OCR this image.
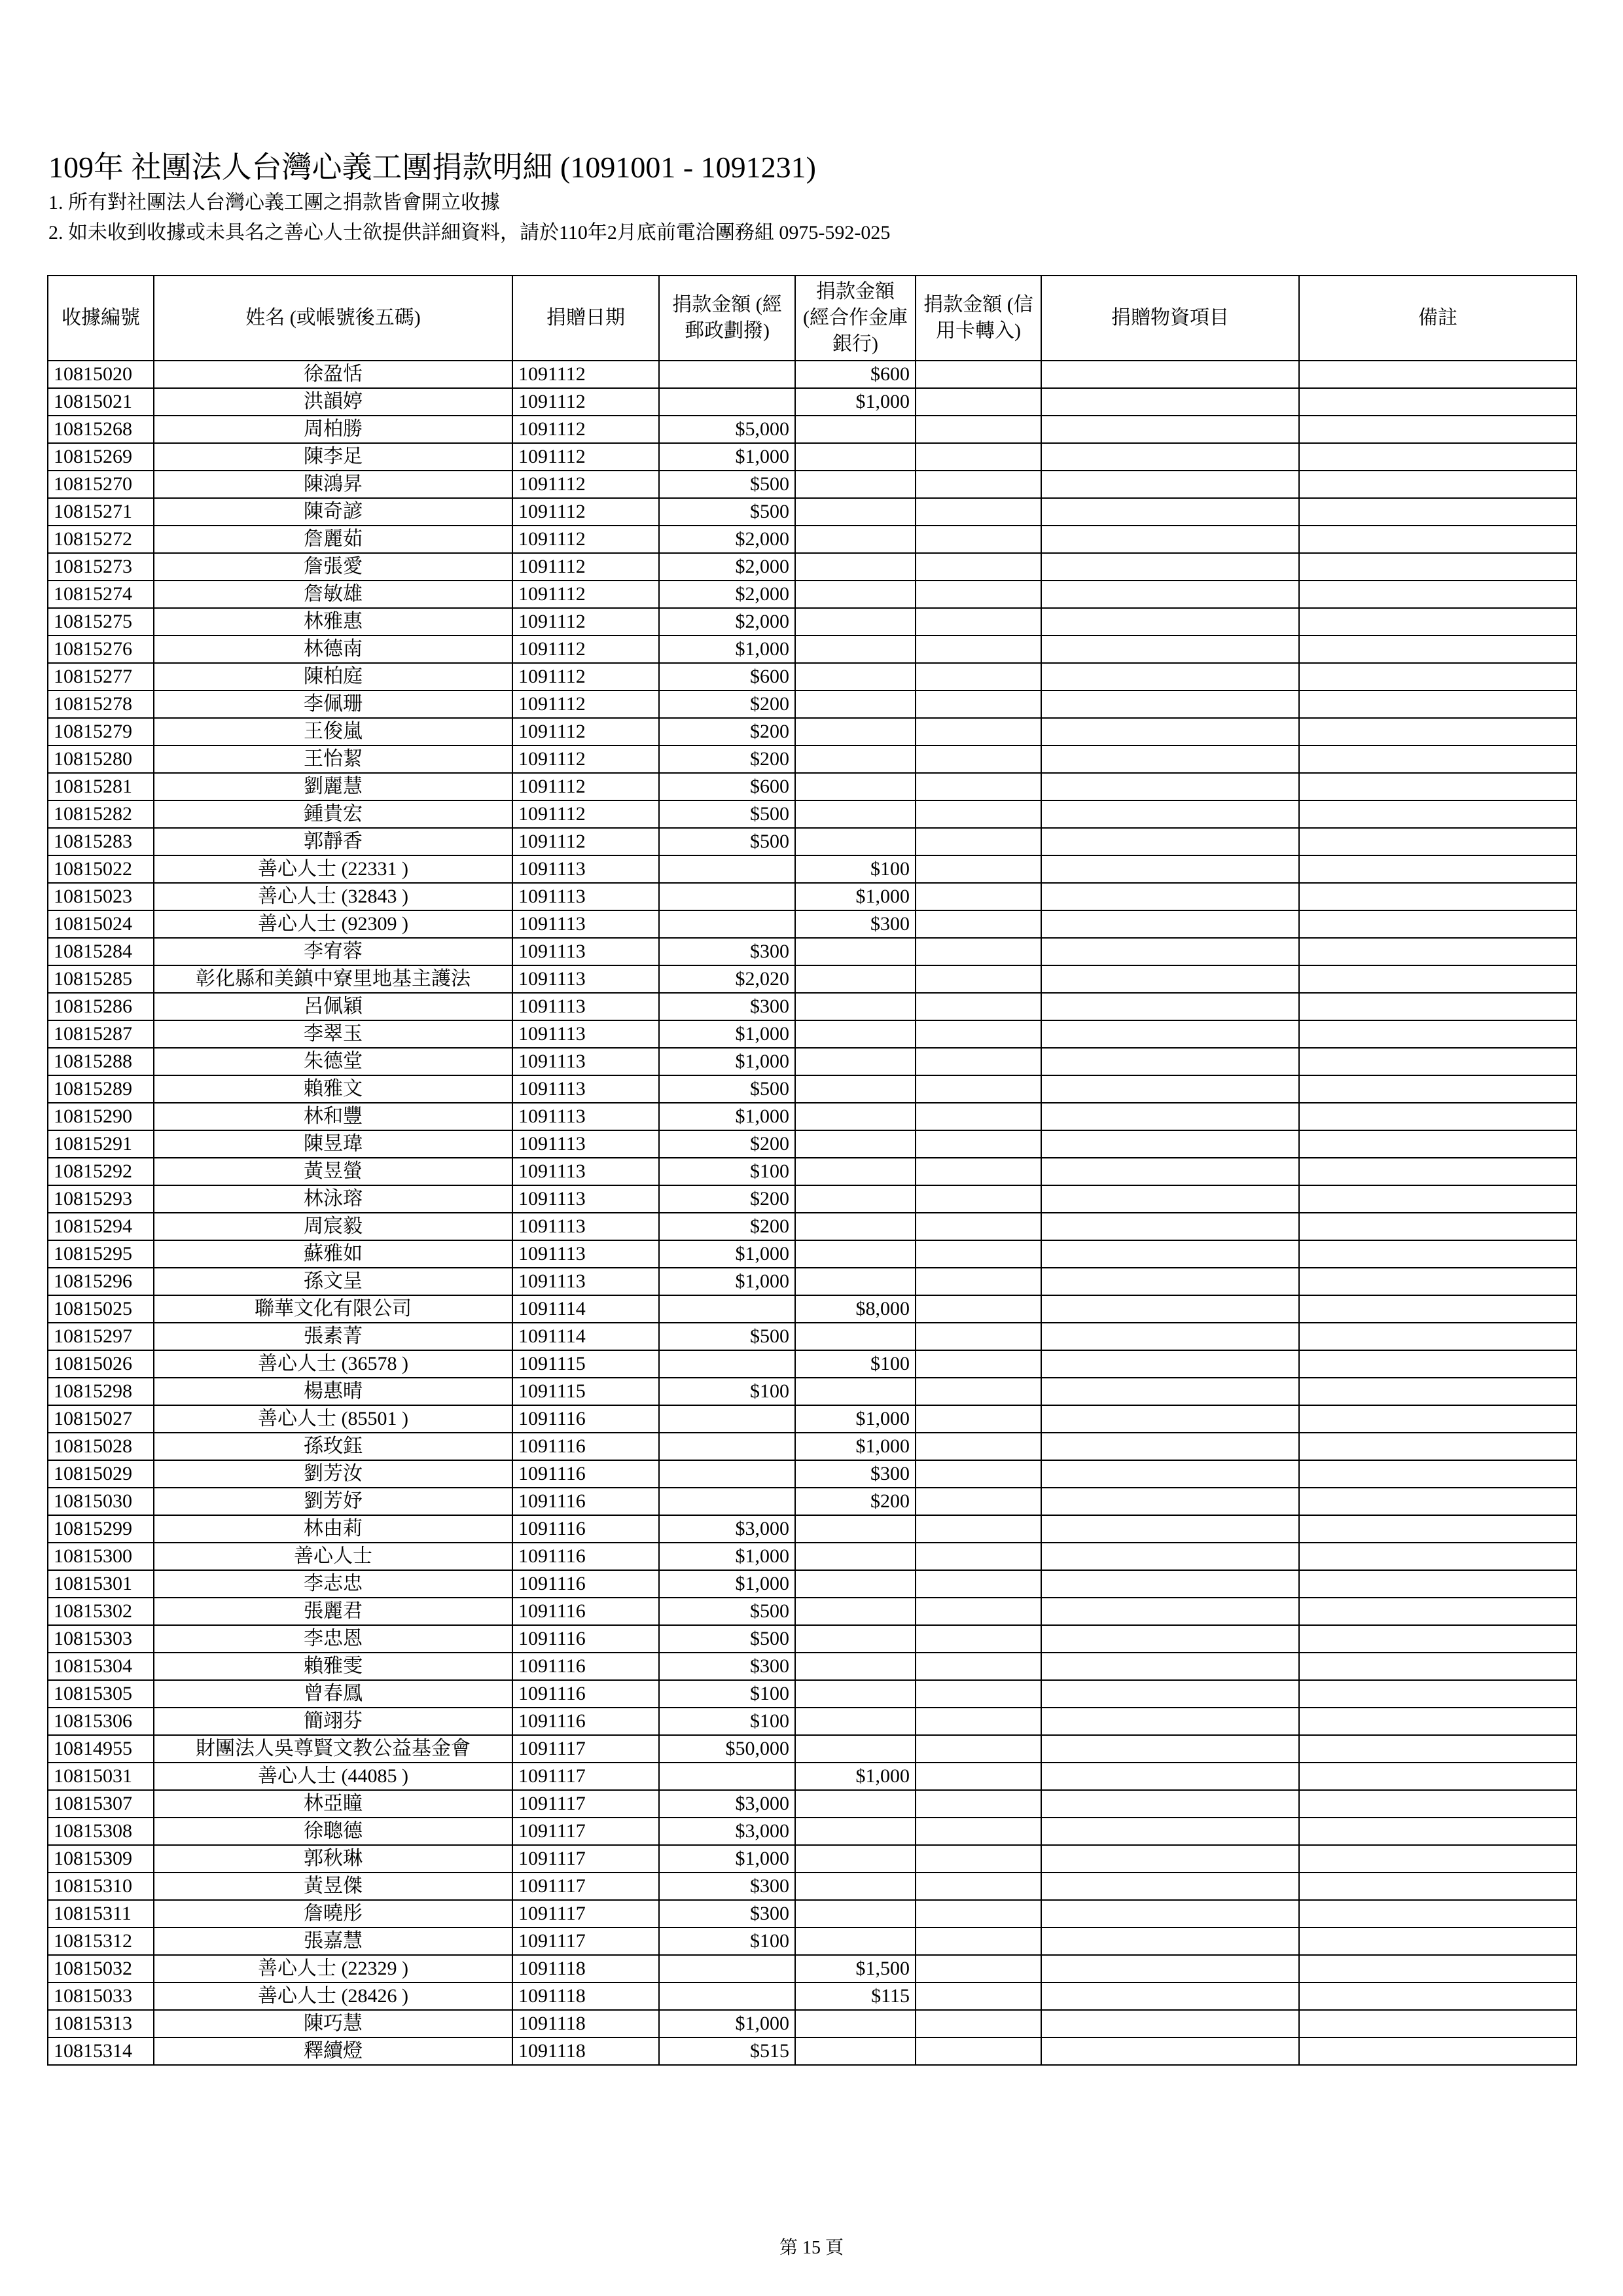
109年 社團法人台灣心義工團捐款明細 (1091001 - 1091231)
1. 所有對社團法人台灣心義工團之捐款皆會開立收據
2. 如未收到收據或未具名之善心人士欲提供詳細資料，請於110年2月底前電洽團務組 0975-592-025
收據編號	姓名 (或帳號後五碼)	捐贈日期	捐款金額 (經郵政劃撥)	捐款金額 (經合作金庫銀行)	捐款金額 (信用卡轉入)	捐贈物資項目	備註
10815020	徐盈恬	1091112		$600			
10815021	洪韻婷	1091112		$1,000			
10815268	周柏勝	1091112	$5,000				
10815269	陳李足	1091112	$1,000				
10815270	陳鴻昇	1091112	$500				
10815271	陳奇諺	1091112	$500				
10815272	詹麗茹	1091112	$2,000				
10815273	詹張愛	1091112	$2,000				
10815274	詹敏雄	1091112	$2,000				
10815275	林雅惠	1091112	$2,000				
10815276	林德南	1091112	$1,000				
10815277	陳柏庭	1091112	$600				
10815278	李佩珊	1091112	$200				
10815279	王俊嵐	1091112	$200				
10815280	王怡絜	1091112	$200				
10815281	劉麗慧	1091112	$600				
10815282	鍾貴宏	1091112	$500				
10815283	郭靜香	1091112	$500				
10815022	善心人士 (22331 )	1091113		$100			
10815023	善心人士 (32843 )	1091113		$1,000			
10815024	善心人士 (92309 )	1091113		$300			
10815284	李宥蓉	1091113	$300				
10815285	彰化縣和美鎮中寮里地基主護法	1091113	$2,020				
10815286	呂佩穎	1091113	$300				
10815287	李翠玉	1091113	$1,000				
10815288	朱德堂	1091113	$1,000				
10815289	賴雅文	1091113	$500				
10815290	林和豐	1091113	$1,000				
10815291	陳昱瑋	1091113	$200				
10815292	黃昱螢	1091113	$100				
10815293	林泳瑢	1091113	$200				
10815294	周宸毅	1091113	$200				
10815295	蘇雅如	1091113	$1,000				
10815296	孫文呈	1091113	$1,000				
10815025	聯華文化有限公司	1091114		$8,000			
10815297	張素菁	1091114	$500				
10815026	善心人士 (36578 )	1091115		$100			
10815298	楊惠晴	1091115	$100				
10815027	善心人士 (85501 )	1091116		$1,000			
10815028	孫玫鈺	1091116		$1,000			
10815029	劉芳汝	1091116		$300			
10815030	劉芳妤	1091116		$200			
10815299	林由莉	1091116	$3,000				
10815300	善心人士	1091116	$1,000				
10815301	李志忠	1091116	$1,000				
10815302	張麗君	1091116	$500				
10815303	李忠恩	1091116	$500				
10815304	賴雅雯	1091116	$300				
10815305	曾春鳳	1091116	$100				
10815306	簡翊芬	1091116	$100				
10814955	財團法人吳尊賢文教公益基金會	1091117	$50,000				
10815031	善心人士 (44085 )	1091117		$1,000			
10815307	林亞瞳	1091117	$3,000				
10815308	徐聰德	1091117	$3,000				
10815309	郭秋琳	1091117	$1,000				
10815310	黃昱傑	1091117	$300				
10815311	詹曉彤	1091117	$300				
10815312	張嘉慧	1091117	$100				
10815032	善心人士 (22329 )	1091118		$1,500			
10815033	善心人士 (28426 )	1091118		$115			
10815313	陳巧慧	1091118	$1,000				
10815314	釋續燈	1091118	$515				
第 15 頁
